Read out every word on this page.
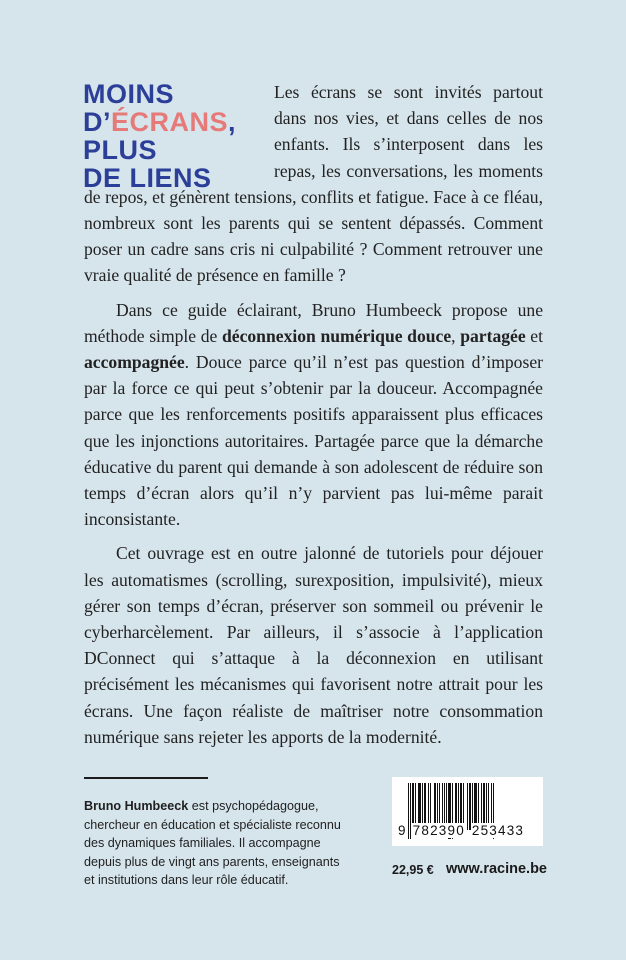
MOINS
D’ÉCRANS,
PLUS
DE LIENS

Les écrans se sont invités partout dans nos vies, et dans celles de nos enfants. Ils s’interposent dans les repas, les conversations, les moments de repos, et génèrent tensions, conflits et fatigue. Face à ce fléau, nombreux sont les parents qui se sentent dépassés. Comment poser un cadre sans cris ni culpabilité ? Comment retrouver une vraie qualité de présence en famille ?

Dans ce guide éclairant, Bruno Humbeeck propose une méthode simple de déconnexion numérique douce, partagée et accompagnée. Douce parce qu’il n’est pas question d’imposer par la force ce qui peut s’obtenir par la douceur. Accompagnée parce que les renforcements positifs apparaissent plus efficaces que les injonctions autoritaires. Partagée parce que la démarche éducative du parent qui demande à son adolescent de réduire son temps d’écran alors qu’il n’y parvient pas lui-même parait inconsistante.

Cet ouvrage est en outre jalonné de tutoriels pour déjouer les automatismes (scrolling, surexposition, impulsivité), mieux gérer son temps d’écran, préserver son sommeil ou prévenir le cyberharcèlement. Par ailleurs, il s’associe à l’application DConnect qui s’attaque à la déconnexion en utilisant précisément les mécanismes qui favorisent notre attrait pour les écrans. Une façon réaliste de maîtriser notre consommation numérique sans rejeter les apports de la modernité.

Bruno Humbeeck est psychopédagogue, chercheur en éducation et spécialiste reconnu des dynamiques familiales. Il accompagne depuis plus de vingt ans parents, enseignants et institutions dans leur rôle éducatif.
9 782390 253433
22,95 € www.racine.be
